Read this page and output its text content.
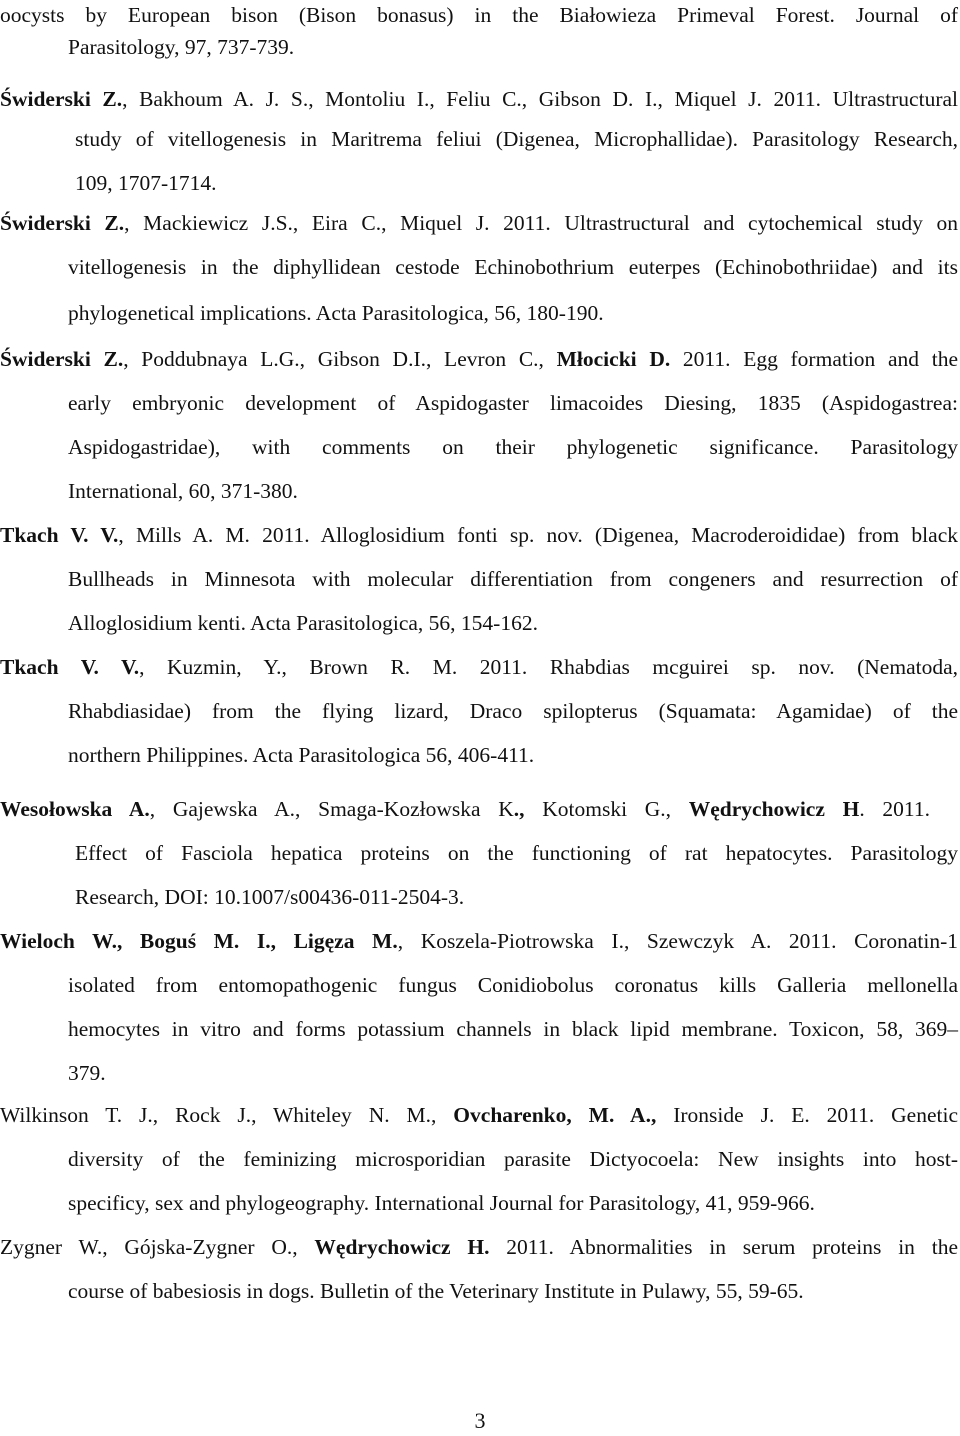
oocysts by European bison (Bison bonasus) in the Białowieza Primeval Forest. Journal of
Parasitology, 97, 737-739.
Świderski Z., Bakhoum A. J. S., Montoliu I., Feliu C., Gibson D. I., Miquel J. 2011. Ultrastructural
study of vitellogenesis in Maritrema feliui (Digenea, Microphallidae). Parasitology Research,
109, 1707-1714.
Świderski Z., Mackiewicz J.S., Eira C., Miquel J. 2011. Ultrastructural and cytochemical study on
vitellogenesis in the diphyllidean cestode Echinobothrium euterpes (Echinobothriidae) and its
phylogenetical implications. Acta Parasitologica, 56, 180-190.
Świderski Z., Poddubnaya L.G., Gibson D.I., Levron C., Młocicki D. 2011. Egg formation and the
early embryonic development of Aspidogaster limacoides Diesing, 1835 (Aspidogastrea:
Aspidogastridae), with comments on their phylogenetic significance. Parasitology
International, 60, 371-380.
Tkach V. V., Mills A. M. 2011. Alloglosidium fonti sp. nov. (Digenea, Macroderoididae) from black
Bullheads in Minnesota with molecular differentiation from congeners and resurrection of
Alloglosidium kenti. Acta Parasitologica, 56, 154-162.
Tkach V. V., Kuzmin, Y., Brown R. M. 2011. Rhabdias mcguirei sp. nov. (Nematoda,
Rhabdiasidae) from the flying lizard, Draco spilopterus (Squamata: Agamidae) of the
northern Philippines. Acta Parasitologica 56, 406-411.
Wesołowska A., Gajewska A., Smaga-Kozłowska K., Kotomski G., Wędrychowicz H. 2011.
Effect of Fasciola hepatica proteins on the functioning of rat hepatocytes. Parasitology
Research, DOI: 10.1007/s00436-011-2504-3.
Wieloch W., Boguś M. I., Ligęza M., Koszela-Piotrowska I., Szewczyk A. 2011. Coronatin-1
isolated from entomopathogenic fungus Conidiobolus coronatus kills Galleria mellonella
hemocytes in vitro and forms potassium channels in black lipid membrane. Toxicon, 58, 369–
379.
Wilkinson T. J., Rock J., Whiteley N. M., Ovcharenko, M. A., Ironside J. E. 2011. Genetic
diversity of the feminizing microsporidian parasite Dictyocoela: New insights into host-
specificy, sex and phylogeography. International Journal for Parasitology, 41, 959-966.
Zygner W., Gójska-Zygner O., Wędrychowicz H. 2011. Abnormalities in serum proteins in the
course of babesiosis in dogs. Bulletin of the Veterinary Institute in Pulawy, 55, 59-65.
3
